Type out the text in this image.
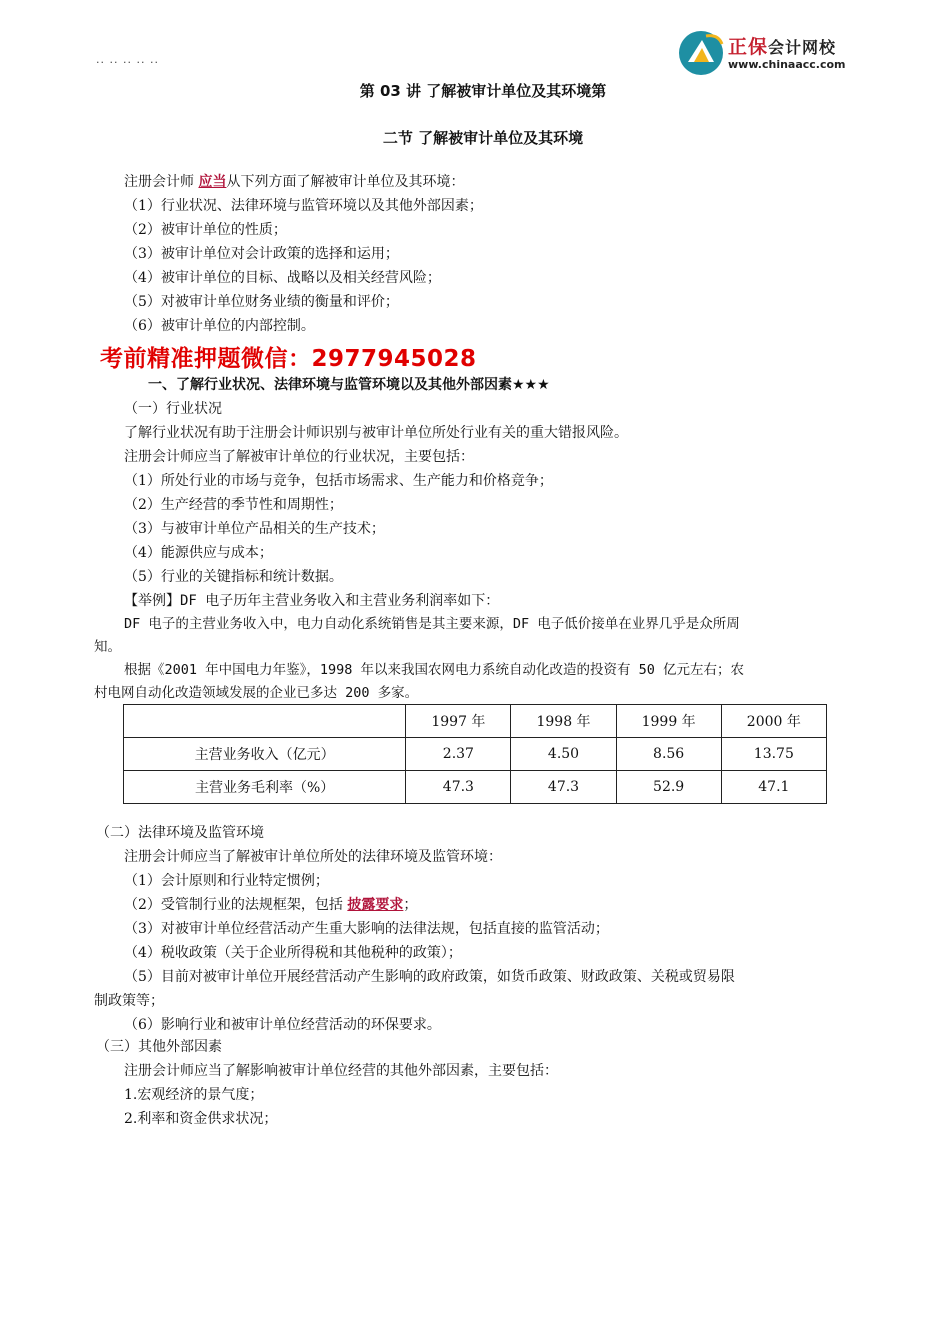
·· ·· ·· ·· ··
正保会计网校
www.chinaacc.com
第 03 讲 了解被审计单位及其环境第
二节 了解被审计单位及其环境
注册会计师 应当从下列方面了解被审计单位及其环境：
（1）行业状况、法律环境与监管环境以及其他外部因素；
（2）被审计单位的性质；
（3）被审计单位对会计政策的选择和运用；
（4）被审计单位的目标、战略以及相关经营风险；
（5）对被审计单位财务业绩的衡量和评价；
（6）被审计单位的内部控制。
考前精准押题微信：2977945028
一、了解行业状况、法律环境与监管环境以及其他外部因素★★★
（一）行业状况
了解行业状况有助于注册会计师识别与被审计单位所处行业有关的重大错报风险。
注册会计师应当了解被审计单位的行业状况，主要包括：
（1）所处行业的市场与竞争，包括市场需求、生产能力和价格竞争；
（2）生产经营的季节性和周期性；
（3）与被审计单位产品相关的生产技术；
（4）能源供应与成本；
（5）行业的关键指标和统计数据。
【举例】DF 电子历年主营业务收入和主营业务利润率如下：
DF 电子的主营业务收入中，电力自动化系统销售是其主要来源，DF 电子低价接单在业界几乎是众所周
知。
根据《2001 年中国电力年鉴》，1998 年以来我国农网电力系统自动化改造的投资有 50 亿元左右；农
村电网自动化改造领域发展的企业已多达 200 多家。
	1997 年	1998 年	1999 年	2000 年
主营业务收入（亿元）	2.37	4.50	8.56	13.75
主营业务毛利率（%）	47.3	47.3	52.9	47.1
（二）法律环境及监管环境
注册会计师应当了解被审计单位所处的法律环境及监管环境：
（1）会计原则和行业特定惯例；
（2）受管制行业的法规框架，包括 披露要求；
（3）对被审计单位经营活动产生重大影响的法律法规，包括直接的监管活动；
（4）税收政策（关于企业所得税和其他税种的政策）；
（5）目前对被审计单位开展经营活动产生影响的政府政策，如货币政策、财政政策、关税或贸易限
制政策等；
（6）影响行业和被审计单位经营活动的环保要求。
（三）其他外部因素
注册会计师应当了解影响被审计单位经营的其他外部因素，主要包括：
1.宏观经济的景气度；
2.利率和资金供求状况；
